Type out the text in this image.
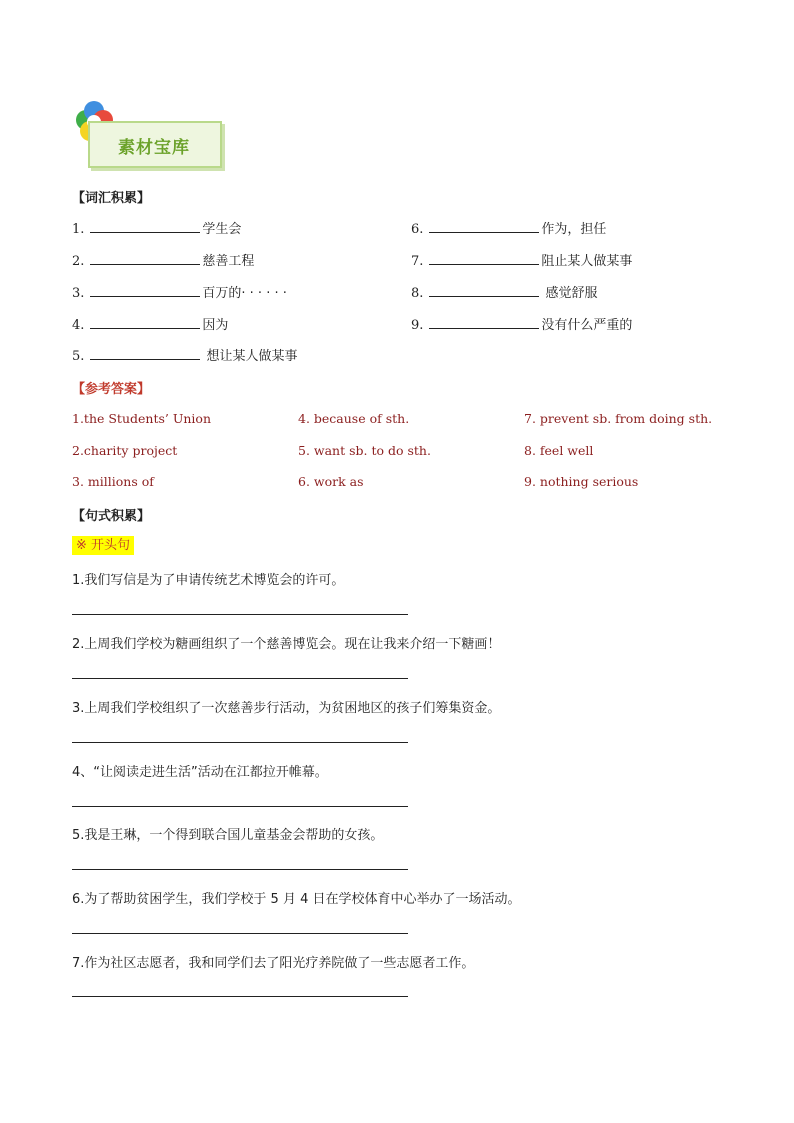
素材宝库
【词汇积累】
1.	学生会
2.	慈善工程
3.	百万的· · · · · ·
4.	因为
5.	想让某人做某事
6.	作为，担任
7.	阻止某人做某事
8.	感觉舒服
9.	没有什么严重的
【参考答案】
1.the Students’ Union
2.charity project
3. millions of
4. because of sth.
5. want sb. to do sth.
6. work as
7. prevent sb. from doing sth.
8. feel well
9. nothing serious
【句式积累】
※ 开头句
1.我们写信是为了申请传统艺术博览会的许可。
2.上周我们学校为糖画组织了一个慈善博览会。现在让我来介绍一下糖画！
3.上周我们学校组织了一次慈善步行活动，为贫困地区的孩子们筹集资金。
4、“让阅读走进生活”活动在江都拉开帷幕。
5.我是王琳，一个得到联合国儿童基金会帮助的女孩。
6.为了帮助贫困学生，我们学校于 5 月 4 日在学校体育中心举办了一场活动。
7.作为社区志愿者，我和同学们去了阳光疗养院做了一些志愿者工作。
